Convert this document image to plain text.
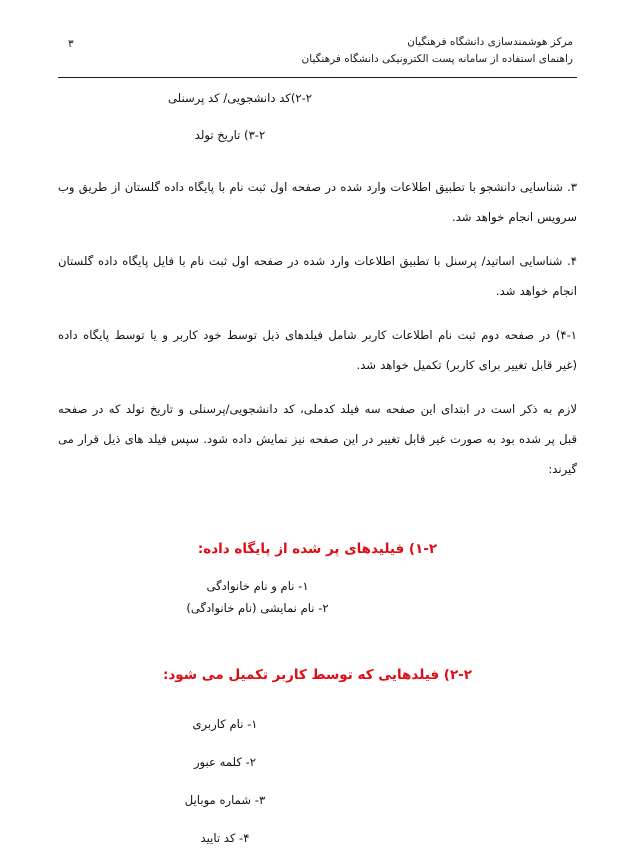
۳	مرکز هوشمندسازی دانشگاه فرهنگیان
راهنمای استفاده از سامانه پست الکترونیکی دانشگاه فرهنگیان

۲-۲)کد دانشجویی/ کد پرسنلی

۳-۲) تاریخ تولد

۳. شناسایی دانشجو با تطبیق اطلاعات وارد شده در صفحه اول ثبت نام با پایگاه داده گلستان از طریق وب سرویس انجام خواهد شد.

۴. شناسایی اساتید/ پرسنل با تطبیق اطلاعات وارد شده در صفحه اول ثبت نام با فایل پایگاه داده گلستان انجام خواهد شد.

۴-۱) در صفحه دوم ثبت نام اطلاعات کاربر شامل فیلدهای ذیل توسط خود کاربر و یا توسط پایگاه داده (غیر قابل تغییر برای کاربر) تکمیل خواهد شد.

لازم به ذکر است در ابتدای این صفحه سه فیلد کدملی، کد دانشجویی/پرسنلی و تاریخ تولد که در صفحه قبل پر شده بود به صورت غیر قابل تغییر در این صفحه نیز نمایش داده شود. سپس فیلد های ذیل قرار می گیرند:

۱-۲) فیلیدهای پر شده از پایگاه داده:
۱- نام و نام خانوادگی
۲- نام نمایشی (نام خانوادگی)
۲-۲) فیلدهایی که توسط کاربر تکمیل می شود:
۱- نام کاربری
۲- کلمه عبور
۳- شماره موبایل
۴- کد تایید
